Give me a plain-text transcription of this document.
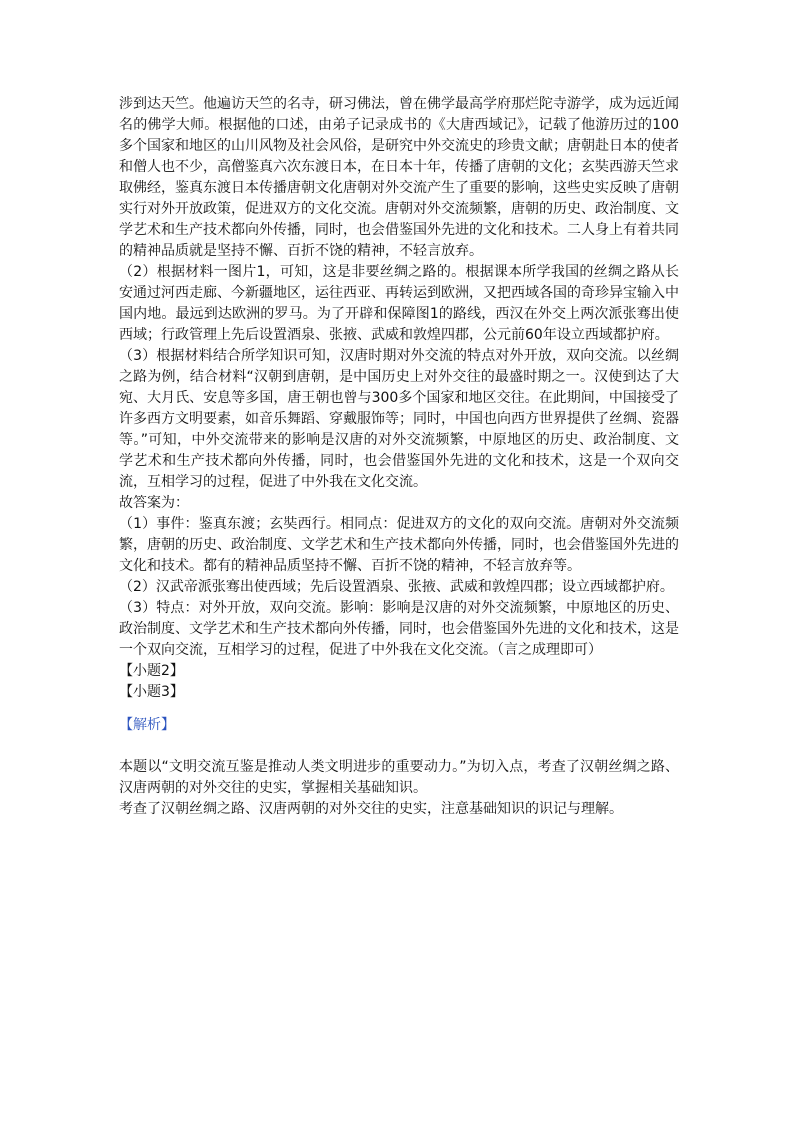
涉到达天竺。他遍访天竺的名寺，研习佛法，曾在佛学最高学府那烂陀寺游学，成为远近闻名的佛学大师。根据他的口述，由弟子记录成书的《大唐西域记》，记载了他游历过的100多个国家和地区的山川风物及社会风俗，是研究中外交流史的珍贵文献；唐朝赴日本的使者和僧人也不少，高僧鉴真六次东渡日本，在日本十年，传播了唐朝的文化；玄奘西游天竺求取佛经，鉴真东渡日本传播唐朝文化唐朝对外交流产生了重要的影响，这些史实反映了唐朝实行对外开放政策，促进双方的文化交流。唐朝对外交流频繁，唐朝的历史、政治制度、文学艺术和生产技术都向外传播，同时，也会借鉴国外先进的文化和技术。二人身上有着共同的精神品质就是坚持不懈、百折不饶的精神，不轻言放弃。

（2）根据材料一图片1，可知，这是非要丝绸之路的。根据课本所学我国的丝绸之路从长安通过河西走廊、今新疆地区，运往西亚、再转运到欧洲，又把西域各国的奇珍异宝输入中国内地。最远到达欧洲的罗马。为了开辟和保障图1的路线，西汉在外交上两次派张骞出使西域；行政管理上先后设置酒泉、张掖、武威和敦煌四郡，公元前60年设立西域都护府。

（3）根据材料结合所学知识可知，汉唐时期对外交流的特点对外开放，双向交流。以丝绸之路为例，结合材料“汉朝到唐朝，是中国历史上对外交往的最盛时期之一。汉使到达了大宛、大月氏、安息等多国，唐王朝也曾与300多个国家和地区交往。在此期间，中国接受了许多西方文明要素，如音乐舞蹈、穿戴服饰等；同时，中国也向西方世界提供了丝绸、瓷器等。”可知，中外交流带来的影响是汉唐的对外交流频繁，中原地区的历史、政治制度、文学艺术和生产技术都向外传播，同时，也会借鉴国外先进的文化和技术，这是一个双向交流，互相学习的过程，促进了中外我在文化交流。

故答案为：

（1）事件：鉴真东渡；玄奘西行。相同点：促进双方的文化的双向交流。唐朝对外交流频繁，唐朝的历史、政治制度、文学艺术和生产技术都向外传播，同时，也会借鉴国外先进的文化和技术。都有的精神品质坚持不懈、百折不饶的精神，不轻言放弃等。

（2）汉武帝派张骞出使西域；先后设置酒泉、张掖、武威和敦煌四郡；设立西域都护府。

（3）特点：对外开放，双向交流。影响：影响是汉唐的对外交流频繁，中原地区的历史、政治制度、文学艺术和生产技术都向外传播，同时，也会借鉴国外先进的文化和技术，这是一个双向交流，互相学习的过程，促进了中外我在文化交流。（言之成理即可）

【小题2】

【小题3】

【解析】

本题以“文明交流互鉴是推动人类文明进步的重要动力。”为切入点，考查了汉朝丝绸之路、汉唐两朝的对外交往的史实，掌握相关基础知识。

考查了汉朝丝绸之路、汉唐两朝的对外交往的史实，注意基础知识的识记与理解。
